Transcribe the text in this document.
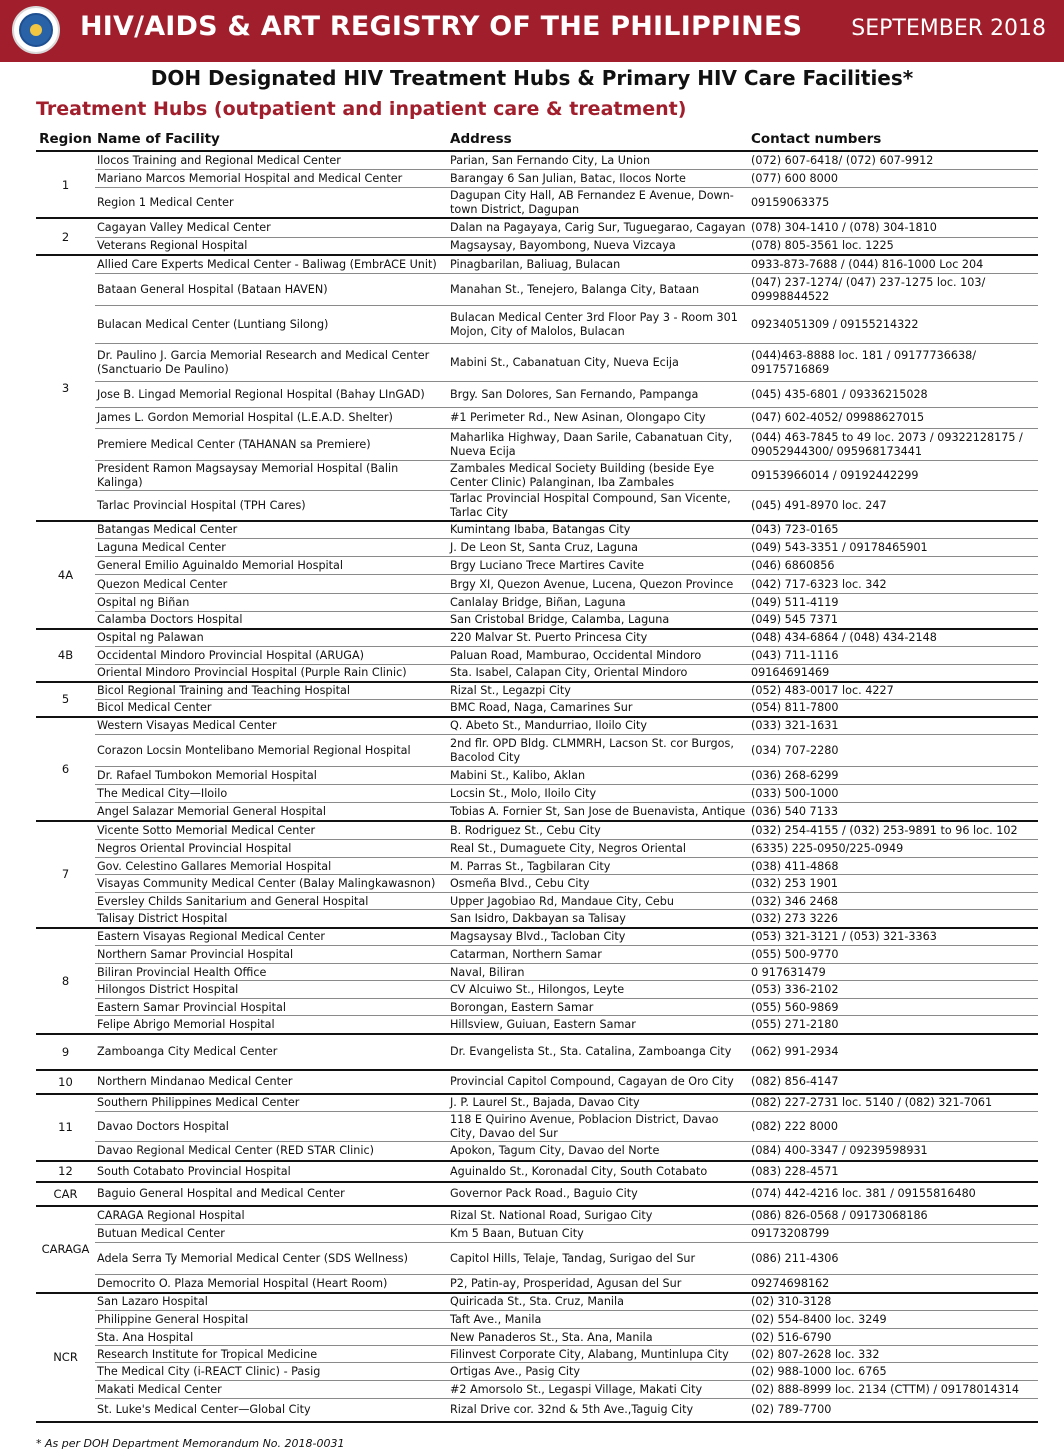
HIV/AIDS & ART REGISTRY OF THE PHILIPPINES SEPTEMBER 2018
DOH Designated HIV Treatment Hubs & Primary HIV Care Facilities*
Treatment Hubs (outpatient and inpatient care & treatment)
Region	Name of Facility	Address	Contact numbers
1	Ilocos Training and Regional Medical Center	Parian, San Fernando City, La Union	(072) 607-6418/ (072) 607-9912
	Mariano Marcos Memorial Hospital and Medical Center	Barangay 6 San Julian, Batac, Ilocos Norte	(077) 600 8000
	Region 1 Medical Center	Dagupan City Hall, AB Fernandez E Avenue, Down-town District, Dagupan	09159063375
2	Cagayan Valley Medical Center	Dalan na Pagayaya, Carig Sur, Tuguegarao, Cagayan	(078) 304-1410 / (078) 304-1810
	Veterans Regional Hospital	Magsaysay, Bayombong, Nueva Vizcaya	(078) 805-3561 loc. 1225
3	Allied Care Experts Medical Center - Baliwag (EmbrACE Unit)	Pinagbarilan, Baliuag, Bulacan	0933-873-7688 / (044) 816-1000 Loc 204
	Bataan General Hospital (Bataan HAVEN)	Manahan St., Tenejero, Balanga City, Bataan	(047) 237-1274/ (047) 237-1275 loc. 103/ 09998844522
	Bulacan Medical Center (Luntiang Silong)	Bulacan Medical Center 3rd Floor Pay 3 - Room 301 Mojon, City of Malolos, Bulacan	09234051309 / 09155214322
	Dr. Paulino J. Garcia Memorial Research and Medical Center (Sanctuario De Paulino)	Mabini St., Cabanatuan City, Nueva Ecija	(044)463-8888 loc. 181 / 09177736638/ 09175716869
	Jose B. Lingad Memorial Regional Hospital (Bahay LInGAD)	Brgy. San Dolores, San Fernando, Pampanga	(045) 435-6801 / 09336215028
	James L. Gordon Memorial Hospital (L.E.A.D. Shelter)	#1 Perimeter Rd., New Asinan, Olongapo City	(047) 602-4052/ 09988627015
	Premiere Medical Center (TAHANAN sa Premiere)	Maharlika Highway, Daan Sarile, Cabanatuan City, Nueva Ecija	(044) 463-7845 to 49 loc. 2073 / 09322128175 / 09052944300/ 095968173441
	President Ramon Magsaysay Memorial Hospital (Balin Kalinga)	Zambales Medical Society Building (beside Eye Center Clinic) Palanginan, Iba Zambales	09153966014 / 09192442299
	Tarlac Provincial Hospital (TPH Cares)	Tarlac Provincial Hospital Compound, San Vicente, Tarlac City	(045) 491-8970 loc. 247
4A	Batangas Medical Center	Kumintang Ibaba, Batangas City	(043) 723-0165
	Laguna Medical Center	J. De Leon St, Santa Cruz, Laguna	(049) 543-3351 / 09178465901
	General Emilio Aguinaldo Memorial Hospital	Brgy Luciano Trece Martires Cavite	(046) 6860856
	Quezon Medical Center	Brgy XI, Quezon Avenue, Lucena, Quezon Province	(042) 717-6323 loc. 342
	Ospital ng Biñan	Canlalay Bridge, Biñan, Laguna	(049) 511-4119
	Calamba Doctors Hospital	San Cristobal Bridge, Calamba, Laguna	(049) 545 7371
4B	Ospital ng Palawan	220 Malvar St. Puerto Princesa City	(048) 434-6864 / (048) 434-2148
	Occidental Mindoro Provincial Hospital (ARUGA)	Paluan Road, Mamburao, Occidental Mindoro	(043) 711-1116
	Oriental Mindoro Provincial Hospital (Purple Rain Clinic)	Sta. Isabel, Calapan City, Oriental Mindoro	09164691469
5	Bicol Regional Training and Teaching Hospital	Rizal St., Legazpi City	(052) 483-0017 loc. 4227
	Bicol Medical Center	BMC Road, Naga, Camarines Sur	(054) 811-7800
6	Western Visayas Medical Center	Q. Abeto St., Mandurriao, Iloilo City	(033) 321-1631
	Corazon Locsin Montelibano Memorial Regional Hospital	2nd flr. OPD Bldg. CLMMRH, Lacson St. cor Burgos, Bacolod City	(034) 707-2280
	Dr. Rafael Tumbokon Memorial Hospital	Mabini St., Kalibo, Aklan	(036) 268-6299
	The Medical City—Iloilo	Locsin St., Molo, Iloilo City	(033) 500-1000
	Angel Salazar Memorial General Hospital	Tobias A. Fornier St, San Jose de Buenavista, Antique	(036) 540 7133
7	Vicente Sotto Memorial Medical Center	B. Rodriguez St., Cebu City	(032) 254-4155 / (032) 253-9891 to 96 loc. 102
	Negros Oriental Provincial Hospital	Real St., Dumaguete City, Negros Oriental	(6335) 225-0950/225-0949
	Gov. Celestino Gallares Memorial Hospital	M. Parras St., Tagbilaran City	(038) 411-4868
	Visayas Community Medical Center (Balay Malingkawasnon)	Osmeña Blvd., Cebu City	(032) 253 1901
	Eversley Childs Sanitarium and General Hospital	Upper Jagobiao Rd, Mandaue City, Cebu	(032) 346 2468
	Talisay District Hospital	San Isidro, Dakbayan sa Talisay	(032) 273 3226
8	Eastern Visayas Regional Medical Center	Magsaysay Blvd., Tacloban City	(053) 321-3121 / (053) 321-3363
	Northern Samar Provincial Hospital	Catarman, Northern Samar	(055) 500-9770
	Biliran Provincial Health Office	Naval, Biliran	0 917631479
	Hilongos District Hospital	CV Alcuiwo St., Hilongos, Leyte	(053) 336-2102
	Eastern Samar Provincial Hospital	Borongan, Eastern Samar	(055) 560-9869
	Felipe Abrigo Memorial Hospital	Hillsview, Guiuan, Eastern Samar	(055) 271-2180
9	Zamboanga City Medical Center	Dr. Evangelista St., Sta. Catalina, Zamboanga City	(062) 991-2934
10	Northern Mindanao Medical Center	Provincial Capitol Compound, Cagayan de Oro City	(082) 856-4147
11	Southern Philippines Medical Center	J. P. Laurel St., Bajada, Davao City	(082) 227-2731 loc. 5140 / (082) 321-7061
	Davao Doctors Hospital	118 E Quirino Avenue, Poblacion District, Davao City, Davao del Sur	(082) 222 8000
	Davao Regional Medical Center (RED STAR Clinic)	Apokon, Tagum City, Davao del Norte	(084) 400-3347 / 09239598931
12	South Cotabato Provincial Hospital	Aguinaldo St., Koronadal City, South Cotabato	(083) 228-4571
CAR	Baguio General Hospital and Medical Center	Governor Pack Road., Baguio City	(074) 442-4216 loc. 381 / 09155816480
CARAGA	CARAGA Regional Hospital	Rizal St. National Road, Surigao City	(086) 826-0568 / 09173068186
	Butuan Medical Center	Km 5 Baan, Butuan City	09173208799
	Adela Serra Ty Memorial Medical Center (SDS Wellness)	Capitol Hills, Telaje, Tandag, Surigao del Sur	(086) 211-4306
	Democrito O. Plaza Memorial Hospital (Heart Room)	P2, Patin-ay, Prosperidad, Agusan del Sur	09274698162
NCR	San Lazaro Hospital	Quiricada St., Sta. Cruz, Manila	(02) 310-3128
	Philippine General Hospital	Taft Ave., Manila	(02) 554-8400 loc. 3249
	Sta. Ana Hospital	New Panaderos St., Sta. Ana, Manila	(02) 516-6790
	Research Institute for Tropical Medicine	Filinvest Corporate City, Alabang, Muntinlupa City	(02) 807-2628 loc. 332
	The Medical City (i-REACT Clinic) - Pasig	Ortigas Ave., Pasig City	(02) 988-1000 loc. 6765
	Makati Medical Center	#2 Amorsolo St., Legaspi Village, Makati City	(02) 888-8999 loc. 2134 (CTTM) / 09178014314
	St. Luke's Medical Center—Global City	Rizal Drive cor. 32nd & 5th Ave.,Taguig City	(02) 789-7700
* As per DOH Department Memorandum No. 2018-0031
